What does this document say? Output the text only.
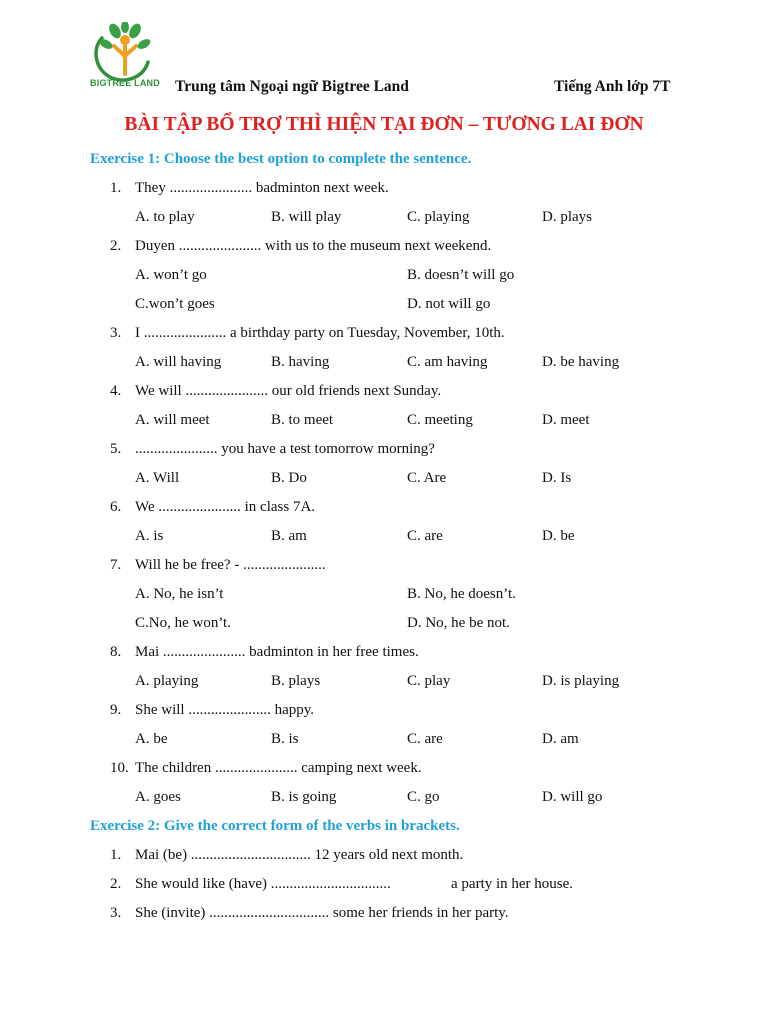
BIGTREE LAND Trung tâm Ngoại ngữ Bigtree Land	Tiếng Anh lớp 7T
BÀI TẬP BỔ TRỢ THÌ HIỆN TẠI ĐƠN – TƯƠNG LAI ĐƠN
Exercise 1: Choose the best option to complete the sentence.
1. They ...................... badminton next week.
A. to play	B. will play	C. playing	D. plays
2. Duyen ...................... with us to the museum next weekend.
A. won’t go	B. doesn’t will go
C.won’t goes	D. not will go
3. I ...................... a birthday party on Tuesday, November, 10th.
A. will having	B. having	C. am having	D. be having
4. We will ...................... our old friends next Sunday.
A. will meet	B. to meet	C. meeting	D. meet
5. ...................... you have a test tomorrow morning?
A. Will	B. Do	C. Are	D. Is
6. We ...................... in class 7A.
A. is	B. am	C. are	D. be
7. Will he be free? - ......................
A. No, he isn’t	B. No, he doesn’t.
C.No, he won’t.	D. No, he be not.
8. Mai ...................... badminton in her free times.
A. playing	B. plays	C. play	D. is playing
9. She will ...................... happy.
A. be	B. is	C. are	D. am
10. The children ...................... camping next week.
A. goes	B. is going	C. go	D. will go
Exercise 2: Give the correct form of the verbs in brackets.
1. Mai (be) ................................ 12 years old next month.
2. She would like (have) ................................	a party in her house.
3. She (invite) ................................ some her friends in her party.
